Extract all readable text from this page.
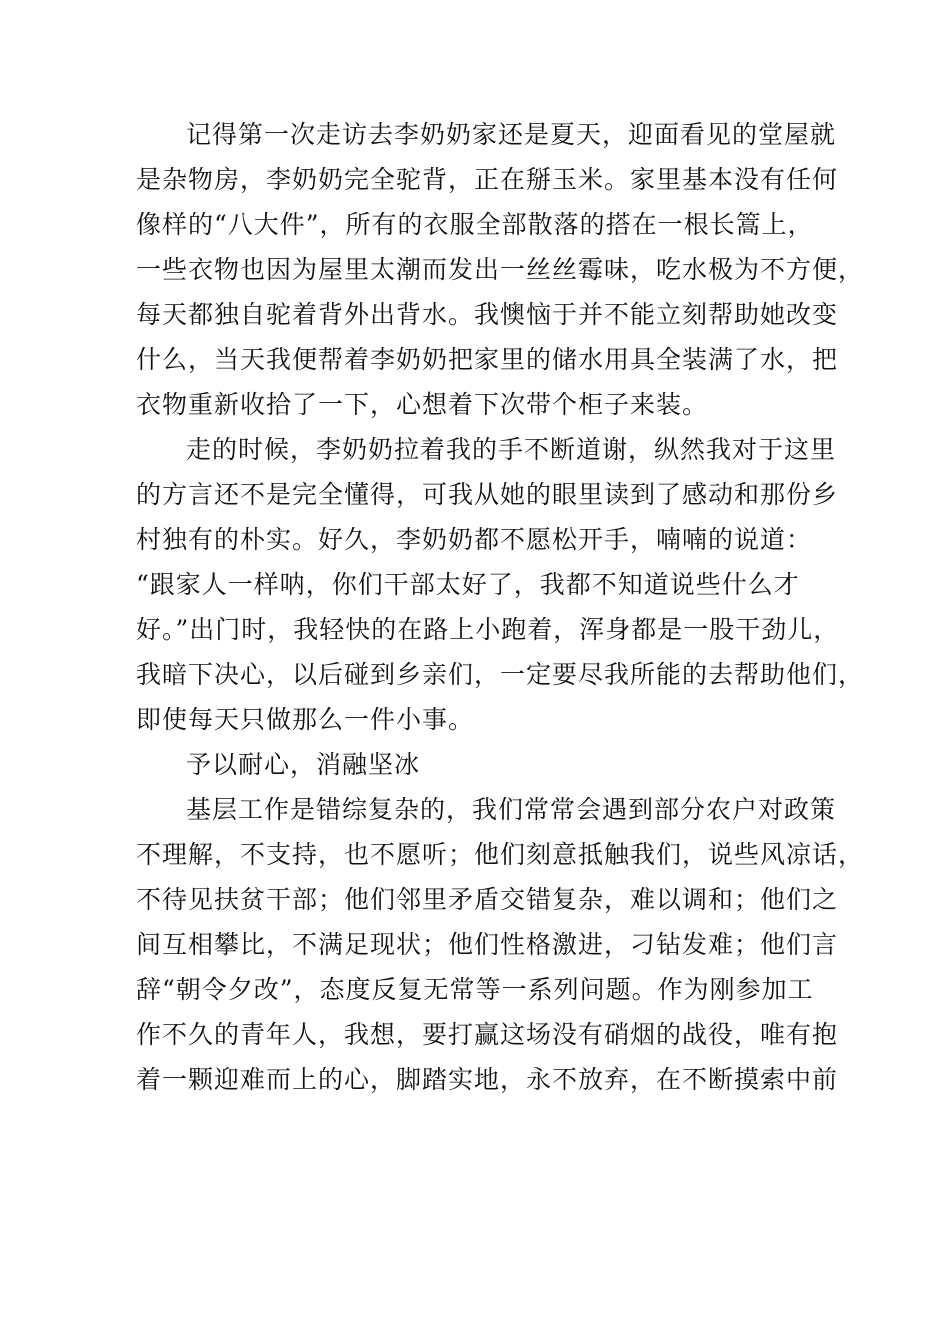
记得第一次走访去李奶奶家还是夏天，迎面看见的堂屋就
是杂物房，李奶奶完全驼背，正在掰玉米。家里基本没有任何
像样的“八大件”，所有的衣服全部散落的搭在一根长篙上，
一些衣物也因为屋里太潮而发出一丝丝霉味，吃水极为不方便，
每天都独自驼着背外出背水。我懊恼于并不能立刻帮助她改变
什么，当天我便帮着李奶奶把家里的储水用具全装满了水，把
衣物重新收拾了一下，心想着下次带个柜子来装。
走的时候，李奶奶拉着我的手不断道谢，纵然我对于这里
的方言还不是完全懂得，可我从她的眼里读到了感动和那份乡
村独有的朴实。好久，李奶奶都不愿松开手，喃喃的说道：
“跟家人一样呐，你们干部太好了，我都不知道说些什么才
好。”出门时，我轻快的在路上小跑着，浑身都是一股干劲儿，
我暗下决心，以后碰到乡亲们，一定要尽我所能的去帮助他们，
即使每天只做那么一件小事。
予以耐心，消融坚冰
基层工作是错综复杂的，我们常常会遇到部分农户对政策
不理解，不支持，也不愿听；他们刻意抵触我们，说些风凉话，
不待见扶贫干部；他们邻里矛盾交错复杂，难以调和；他们之
间互相攀比，不满足现状；他们性格激进，刁钻发难；他们言
辞“朝令夕改”，态度反复无常等一系列问题。作为刚参加工
作不久的青年人，我想，要打赢这场没有硝烟的战役，唯有抱
着一颗迎难而上的心，脚踏实地，永不放弃，在不断摸索中前
